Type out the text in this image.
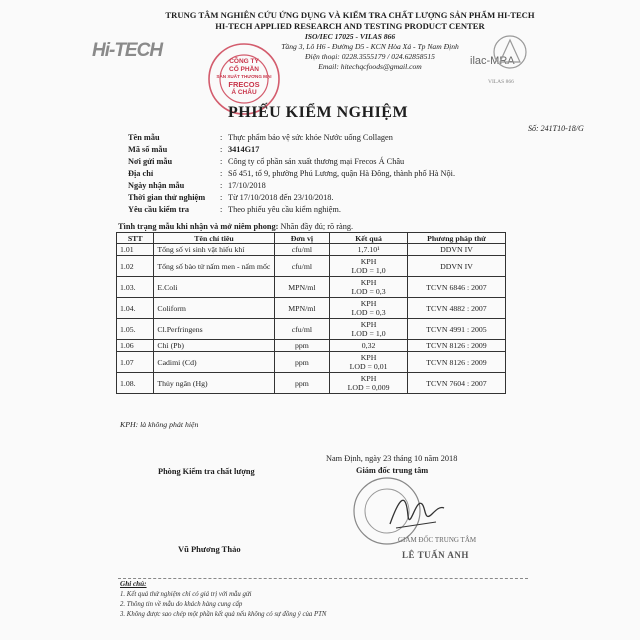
TRUNG TÂM NGHIÊN CỨU ỨNG DỤNG VÀ KIỂM TRA CHẤT LƯỢNG SẢN PHẨM HI-TECH
HI-TECH APPLIED RESEARCH AND TESTING PRODUCT CENTER
ISO/IEC 17025 - VILAS 866
Tầng 3, Lô H6 - Đường D5 - KCN Hòa Xá - Tp Nam Định
Điện thoại: 0228.3555179 / 024.62858515
Email: hitechqcfoods@gmail.com
Hi-TECH	ilac-MRA
VILAS 866
CÔNG TY
CỔ PHẦN
SẢN XUẤT THƯƠNG MẠI
FRECOS
Á CHÂU
PHIẾU KIỂM NGHIỆM
Số: 241T10-18/G
Tên mẫu	: Thực phẩm bảo vệ sức khỏe Nước uống Collagen
Mã số mẫu	: 3414G17
Nơi gửi mẫu	: Công ty cổ phần sản xuất thương mại Frecos Á Châu
Địa chỉ	: Số 451, tổ 9, phường Phú Lương, quận Hà Đông, thành phố Hà Nội.
Ngày nhận mẫu	: 17/10/2018
Thời gian thử nghiệm : Từ 17/10/2018 đến 23/10/2018.
Yêu cầu kiểm tra	: Theo phiếu yêu cầu kiểm nghiệm.
Tình trạng mẫu khi nhận và mở niêm phong: Nhãn đầy đủ; rõ ràng.
STT	Tên chỉ tiêu	Đơn vị	Kết quả	Phương pháp thử
1.01	Tổng số vi sinh vật hiếu khí	cfu/ml	1,7.10¹	DDVN IV
1.02	Tổng số bào tử nấm men - nấm mốc	cfu/ml	KPH
LOD = 1,0	DDVN IV
1.03.	E.Coli	MPN/ml	KPH
LOD = 0,3	TCVN 6846 : 2007
1.04.	Coliform	MPN/ml	KPH
LOD = 0,3	TCVN 4882 : 2007
1.05.	Cl.Perfringens	cfu/ml	KPH
LOD = 1,0	TCVN 4991 : 2005
1.06	Chì (Pb)	ppm	0,32	TCVN 8126 : 2009
1.07	Cadimi (Cd)	ppm	KPH
LOD = 0,01	TCVN 8126 : 2009
1.08.	Thủy ngân (Hg)	ppm	KPH
LOD = 0,009	TCVN 7604 : 2007
KPH: là không phát hiện
Nam Định, ngày 23 tháng 10 năm 2018
Phòng Kiểm tra chất lượng	Giám đốc trung tâm
GIÁM ĐỐC TRUNG TÂM
Vũ Phương Thảo
LÊ TUẤN ANH
Ghi chú:
1. Kết quả thử nghiệm chỉ có giá trị với mẫu gửi
2. Thông tin về mẫu do khách hàng cung cấp
3. Không được sao chép một phần kết quả nếu không có sự đồng ý của PTN
